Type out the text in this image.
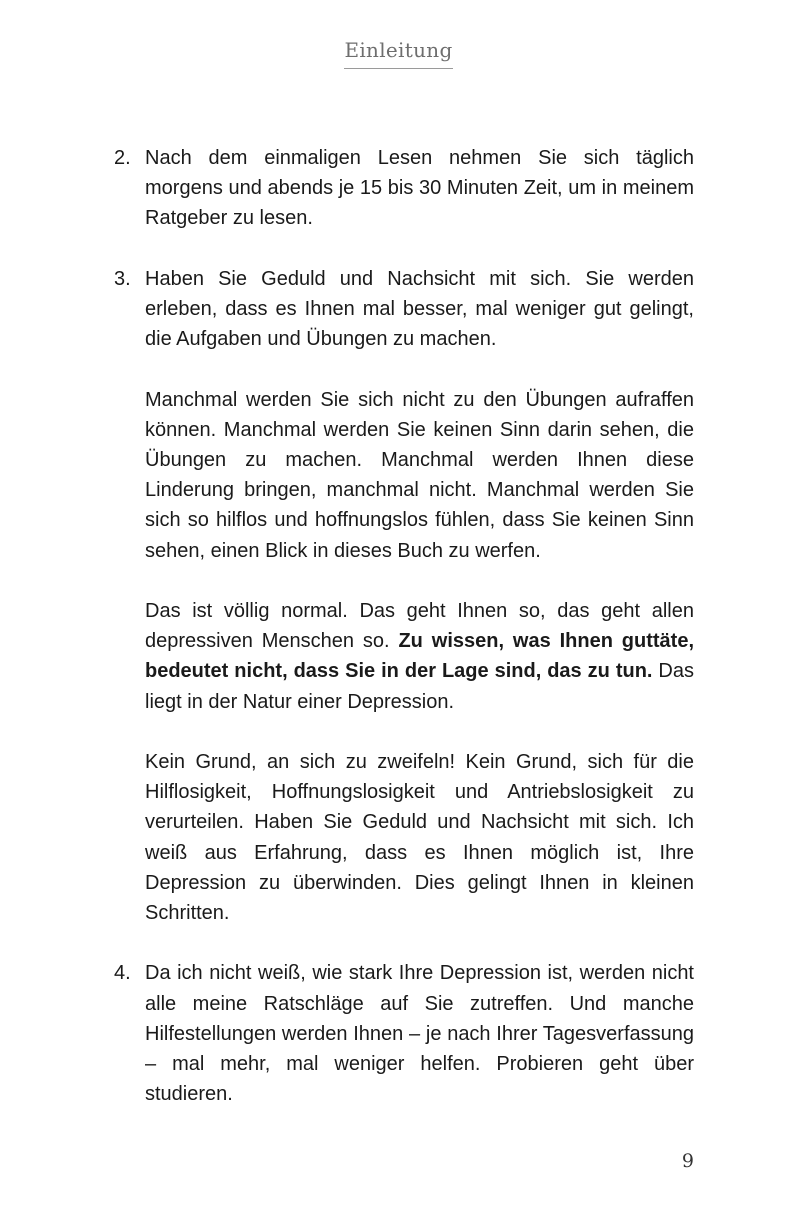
Einleitung
2. Nach dem einmaligen Lesen nehmen Sie sich täglich morgens und abends je 15 bis 30 Minuten Zeit, um in meinem Ratgeber zu lesen.

3. Haben Sie Geduld und Nachsicht mit sich. Sie werden erleben, dass es Ihnen mal besser, mal weniger gut gelingt, die Aufgaben und Übungen zu machen.

Manchmal werden Sie sich nicht zu den Übungen aufraffen können. Manchmal werden Sie keinen Sinn darin sehen, die Übungen zu machen. Manchmal werden Ihnen diese Linderung bringen, manchmal nicht. Manchmal werden Sie sich so hilflos und hoffnungslos fühlen, dass Sie keinen Sinn sehen, einen Blick in dieses Buch zu werfen.

Das ist völlig normal. Das geht Ihnen so, das geht allen depressiven Menschen so. Zu wissen, was Ihnen guttäte, bedeutet nicht, dass Sie in der Lage sind, das zu tun. Das liegt in der Natur einer Depression.

Kein Grund, an sich zu zweifeln! Kein Grund, sich für die Hilflosigkeit, Hoffnungslosigkeit und Antriebslosigkeit zu verurteilen. Haben Sie Geduld und Nachsicht mit sich. Ich weiß aus Erfahrung, dass es Ihnen möglich ist, Ihre Depression zu überwinden. Dies gelingt Ihnen in kleinen Schritten.

4. Da ich nicht weiß, wie stark Ihre Depression ist, werden nicht alle meine Ratschläge auf Sie zutreffen. Und manche Hilfestellungen werden Ihnen – je nach Ihrer Tagesverfassung – mal mehr, mal weniger helfen. Probieren geht über studieren.

9
